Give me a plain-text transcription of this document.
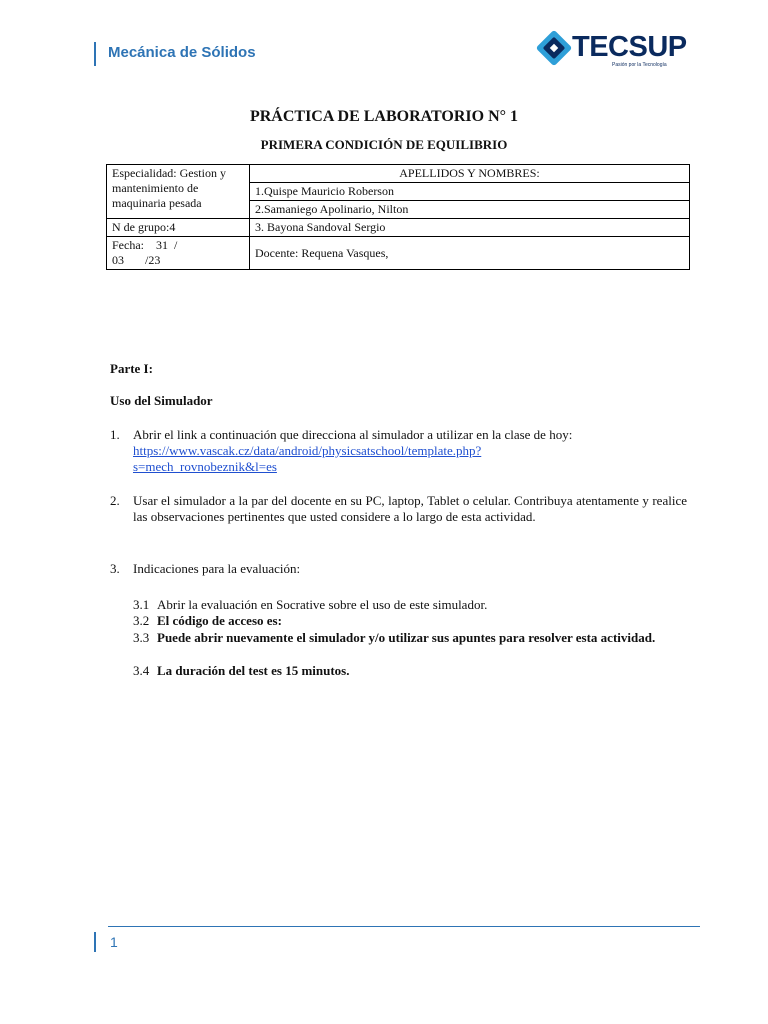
Mecánica de Sólidos	TECSUP
Pasión por la Tecnología
PRÁCTICA DE LABORATORIO N° 1
PRIMERA CONDICIÓN DE EQUILIBRIO
Especialidad: Gestion y mantenimiento de maquinaria pesada	APELLIDOS Y NOMBRES:
	1.Quispe Mauricio Roberson
	2.Samaniego Apolinario, Nilton
N de grupo:4	3. Bayona Sandoval Sergio
Fecha:    31  /
03       /23	Docente: Requena Vasques,
Parte I:
Uso del Simulador
1. Abrir el link a continuación que direcciona al simulador a utilizar en la clase de hoy:
https://www.vascak.cz/data/android/physicsatschool/template.php?
s=mech_rovnobeznik&l=es
2. Usar el simulador a la par del docente en su PC, laptop, Tablet o celular. Contribuya atentamente y realice las observaciones pertinentes que usted considere a lo largo de esta actividad.
3. Indicaciones para la evaluación:
3.1 Abrir la evaluación en Socrative sobre el uso de este simulador.
3.2 El código de acceso es:
3.3 Puede abrir nuevamente el simulador y/o utilizar sus apuntes para resolver esta actividad.
3.4 La duración del test es 15 minutos.
1
